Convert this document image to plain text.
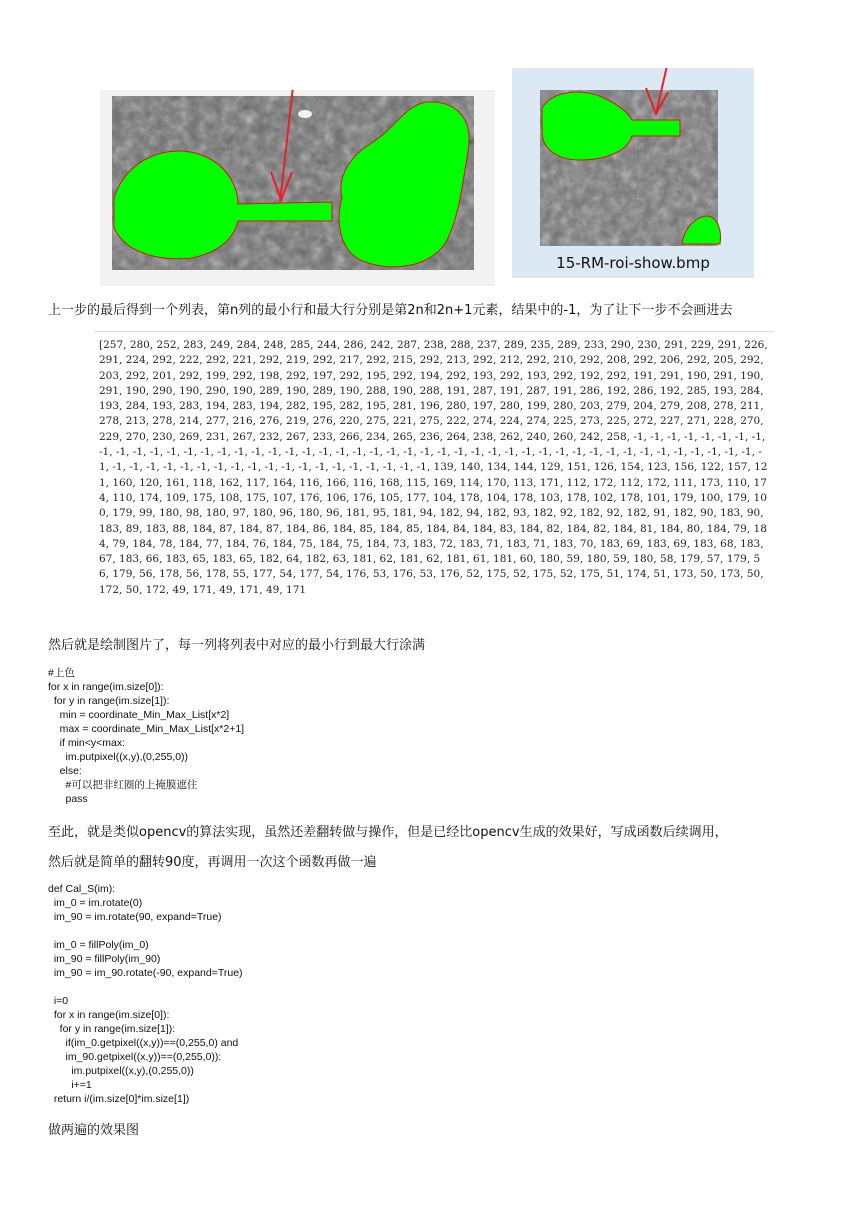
15-RM-roi-show.bmp
上一步的最后得到一个列表，第n列的最小行和最大行分别是第2n和2n+1元素，结果中的-1，为了让下一步不会画进去

[257, 280, 252, 283, 249, 284, 248, 285, 244, 286, 242, 287, 238, 288, 237, 289, 235, 289, 233, 290, 230, 291, 229, 291, 226, 291, 224, 292, 222, 292, 221, 292, 219, 292, 217, 292, 215, 292, 213, 292, 212, 292, 210, 292, 208, 292, 206, 292, 205, 292, 203, 292, 201, 292, 199, 292, 198, 292, 197, 292, 195, 292, 194, 292, 193, 292, 193, 292, 192, 292, 191, 291, 190, 291, 190, 291, 190, 290, 190, 290, 190, 289, 190, 289, 190, 288, 190, 288, 191, 287, 191, 287, 191, 286, 192, 286, 192, 285, 193, 284, 193, 284, 193, 283, 194, 283, 194, 282, 195, 282, 195, 281, 196, 280, 197, 280, 199, 280, 203, 279, 204, 279, 208, 278, 211, 278, 213, 278, 214, 277, 216, 276, 219, 276, 220, 275, 221, 275, 222, 274, 224, 274, 225, 273, 225, 272, 227, 271, 228, 270, 229, 270, 230, 269, 231, 267, 232, 267, 233, 266, 234, 265, 236, 264, 238, 262, 240, 260, 242, 258, -1, -1, -1, -1, -1, -1, -1, -1, -1, -1, -1, -1, -1, -1, -1, -1, -1, -1, -1, -1, -1, -1, -1, -1, -1, -1, -1, -1, -1, -1, -1, -1, -1, -1, -1, -1, -1, -1, -1, -1, -1, -1, -1, -1, -1, -1, -1, -1, -1, -1, -1, -1, -1, -1, -1, -1, -1, -1, -1, -1, -1, -1, -1, -1, -1, -1, -1, 139, 140, 134, 144, 129, 151, 126, 154, 123, 156, 122, 157, 121, 160, 120, 161, 118, 162, 117, 164, 116, 166, 116, 168, 115, 169, 114, 170, 113, 171, 112, 172, 112, 172, 111, 173, 110, 174, 110, 174, 109, 175, 108, 175, 107, 176, 106, 176, 105, 177, 104, 178, 104, 178, 103, 178, 102, 178, 101, 179, 100, 179, 100, 179, 99, 180, 98, 180, 97, 180, 96, 180, 96, 181, 95, 181, 94, 182, 94, 182, 93, 182, 92, 182, 92, 182, 91, 182, 90, 183, 90, 183, 89, 183, 88, 184, 87, 184, 87, 184, 86, 184, 85, 184, 85, 184, 84, 184, 83, 184, 82, 184, 82, 184, 81, 184, 80, 184, 79, 184, 79, 184, 78, 184, 77, 184, 76, 184, 75, 184, 75, 184, 73, 183, 72, 183, 71, 183, 71, 183, 70, 183, 69, 183, 69, 183, 68, 183, 67, 183, 66, 183, 65, 183, 65, 182, 64, 182, 63, 181, 62, 181, 62, 181, 61, 181, 60, 180, 59, 180, 59, 180, 58, 179, 57, 179, 56, 179, 56, 178, 56, 178, 55, 177, 54, 177, 54, 176, 53, 176, 53, 176, 52, 175, 52, 175, 52, 175, 51, 174, 51, 173, 50, 173, 50, 172, 50, 172, 49, 171, 49, 171, 49, 171

然后就是绘制图片了，每一列将列表中对应的最小行到最大行涂满
#上色
for x in range(im.size[0]):
for y in range(im.size[1]):
min = coordinate_Min_Max_List[x*2]
max = coordinate_Min_Max_List[x*2+1]
if min<y<max:
im.putpixel((x,y),(0,255,0))
else:
#可以把非红圈的上掩膜遮住
pass
至此，就是类似opencv的算法实现，虽然还差翻转做与操作，但是已经比opencv生成的效果好，写成函数后续调用，
然后就是简单的翻转90度，再调用一次这个函数再做一遍
def Cal_S(im):
im_0 = im.rotate(0)
im_90 = im.rotate(90, expand=True)

im_0 = fillPoly(im_0)
im_90 = fillPoly(im_90)
im_90 = im_90.rotate(-90, expand=True)

i=0
for x in range(im.size[0]):
for y in range(im.size[1]):
if(im_0.getpixel((x,y))==(0,255,0) and
im_90.getpixel((x,y))==(0,255,0)):
im.putpixel((x,y),(0,255,0))
i+=1
return i/(im.size[0]*im.size[1])
做两遍的效果图
